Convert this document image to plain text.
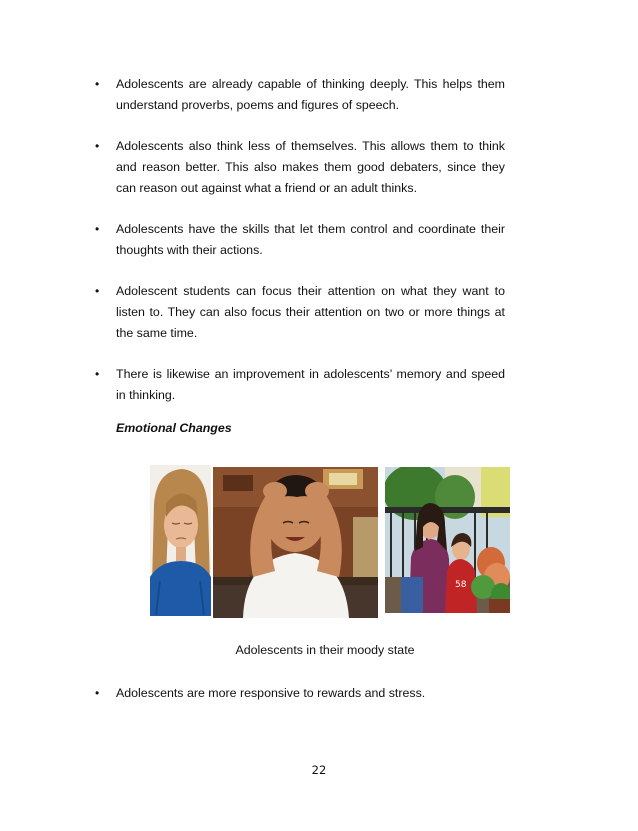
•	Adolescents are already capable of thinking deeply. This helps them understand proverbs, poems and figures of speech.
•	Adolescents also think less of themselves. This allows them to think and reason better. This also makes them good debaters, since they can reason out against what a friend or an adult thinks.
•	Adolescents have the skills that let them control and coordinate their thoughts with their actions.
•	Adolescent students can focus their attention on what they want to listen to. They can also focus their attention on two or more things at the same time.
•	There is likewise an improvement in adolescents’ memory and speed in thinking.
Emotional Changes
58

Adolescents in their moody state

•	Adolescents are more responsive to rewards and stress.

22
